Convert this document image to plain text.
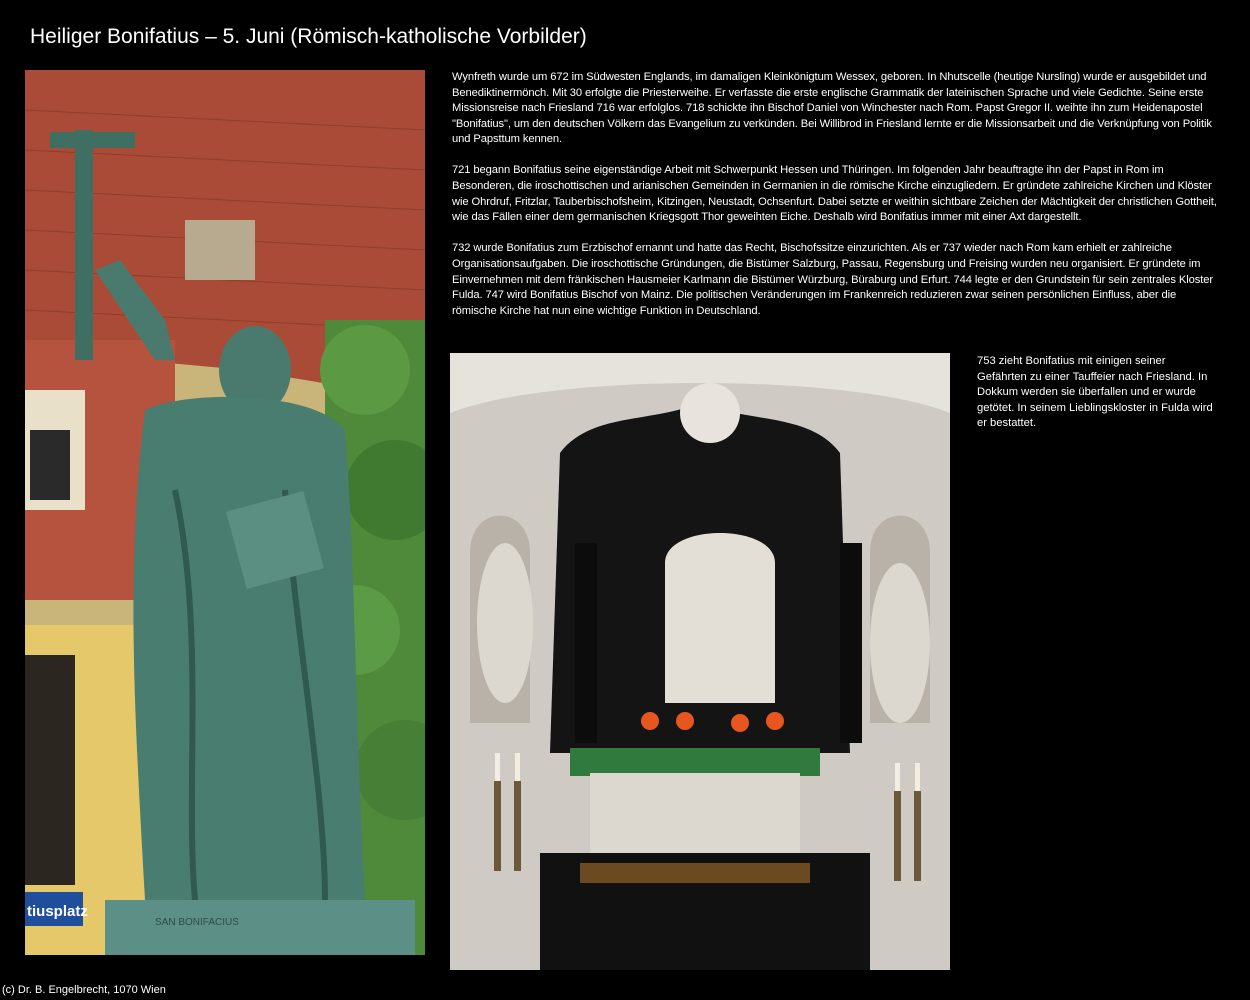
Heiliger Bonifatius – 5. Juni (Römisch-katholische Vorbilder)
SAN BONIFACIUS
tiusplatz

Wynfreth wurde um 672 im Südwesten Englands, im damaligen Kleinkönigtum Wessex, geboren. In Nhutscelle (heutige Nursling) wurde er ausgebildet und Benediktinermönch. Mit 30 erfolgte die Priesterweihe. Er verfasste die erste englische Grammatik der lateinischen Sprache und viele Gedichte. Seine erste Missionsreise nach Friesland 716 war erfolglos. 718 schickte ihn Bischof Daniel von Winchester nach Rom. Papst Gregor II. weihte ihn zum Heidenapostel "Bonifatius", um den deutschen Völkern das Evangelium zu verkünden. Bei Willibrod in Friesland lernte er die Missionsarbeit und die Verknüpfung von Politik und Papsttum kennen.

721 begann Bonifatius seine eigenständige Arbeit mit Schwerpunkt Hessen und Thüringen. Im folgenden Jahr beauftragte ihn der Papst in Rom im Besonderen, die iroschottischen und arianischen Gemeinden in Germanien in die römische Kirche einzugliedern. Er gründete zahlreiche Kirchen und Klöster wie Ohrdruf, Fritzlar, Tauberbischofsheim, Kitzingen, Neustadt, Ochsenfurt. Dabei setzte er weithin sichtbare Zeichen der Mächtigkeit der christlichen Gottheit, wie das Fällen einer dem germanischen Kriegsgott Thor geweihten Eiche. Deshalb wird Bonifatius immer mit einer Axt dargestellt.

732 wurde Bonifatius zum Erzbischof ernannt und hatte das Recht, Bischofssitze einzurichten. Als er 737 wieder nach Rom kam erhielt er zahlreiche Organisationsaufgaben. Die iroschottische Gründungen, die Bistümer Salzburg, Passau, Regensburg und Freising wurden neu organisiert. Er gründete im Einvernehmen mit dem fränkischen Hausmeier Karlmann die Bistümer Würzburg, Büraburg und Erfurt. 744 legte er den Grundstein für sein zentrales Kloster Fulda. 747 wird Bonifatius Bischof von Mainz. Die politischen Veränderungen im Frankenreich reduzieren zwar seinen persönlichen Einfluss, aber die römische Kirche hat nun eine wichtige Funktion in Deutschland.

753 zieht Bonifatius mit einigen seiner Gefährten zu einer Tauffeier nach Friesland. In Dokkum werden sie überfallen und er wurde getötet. In seinem Lieblingskloster in Fulda wird er bestattet.

(c) Dr. B. Engelbrecht, 1070 Wien
